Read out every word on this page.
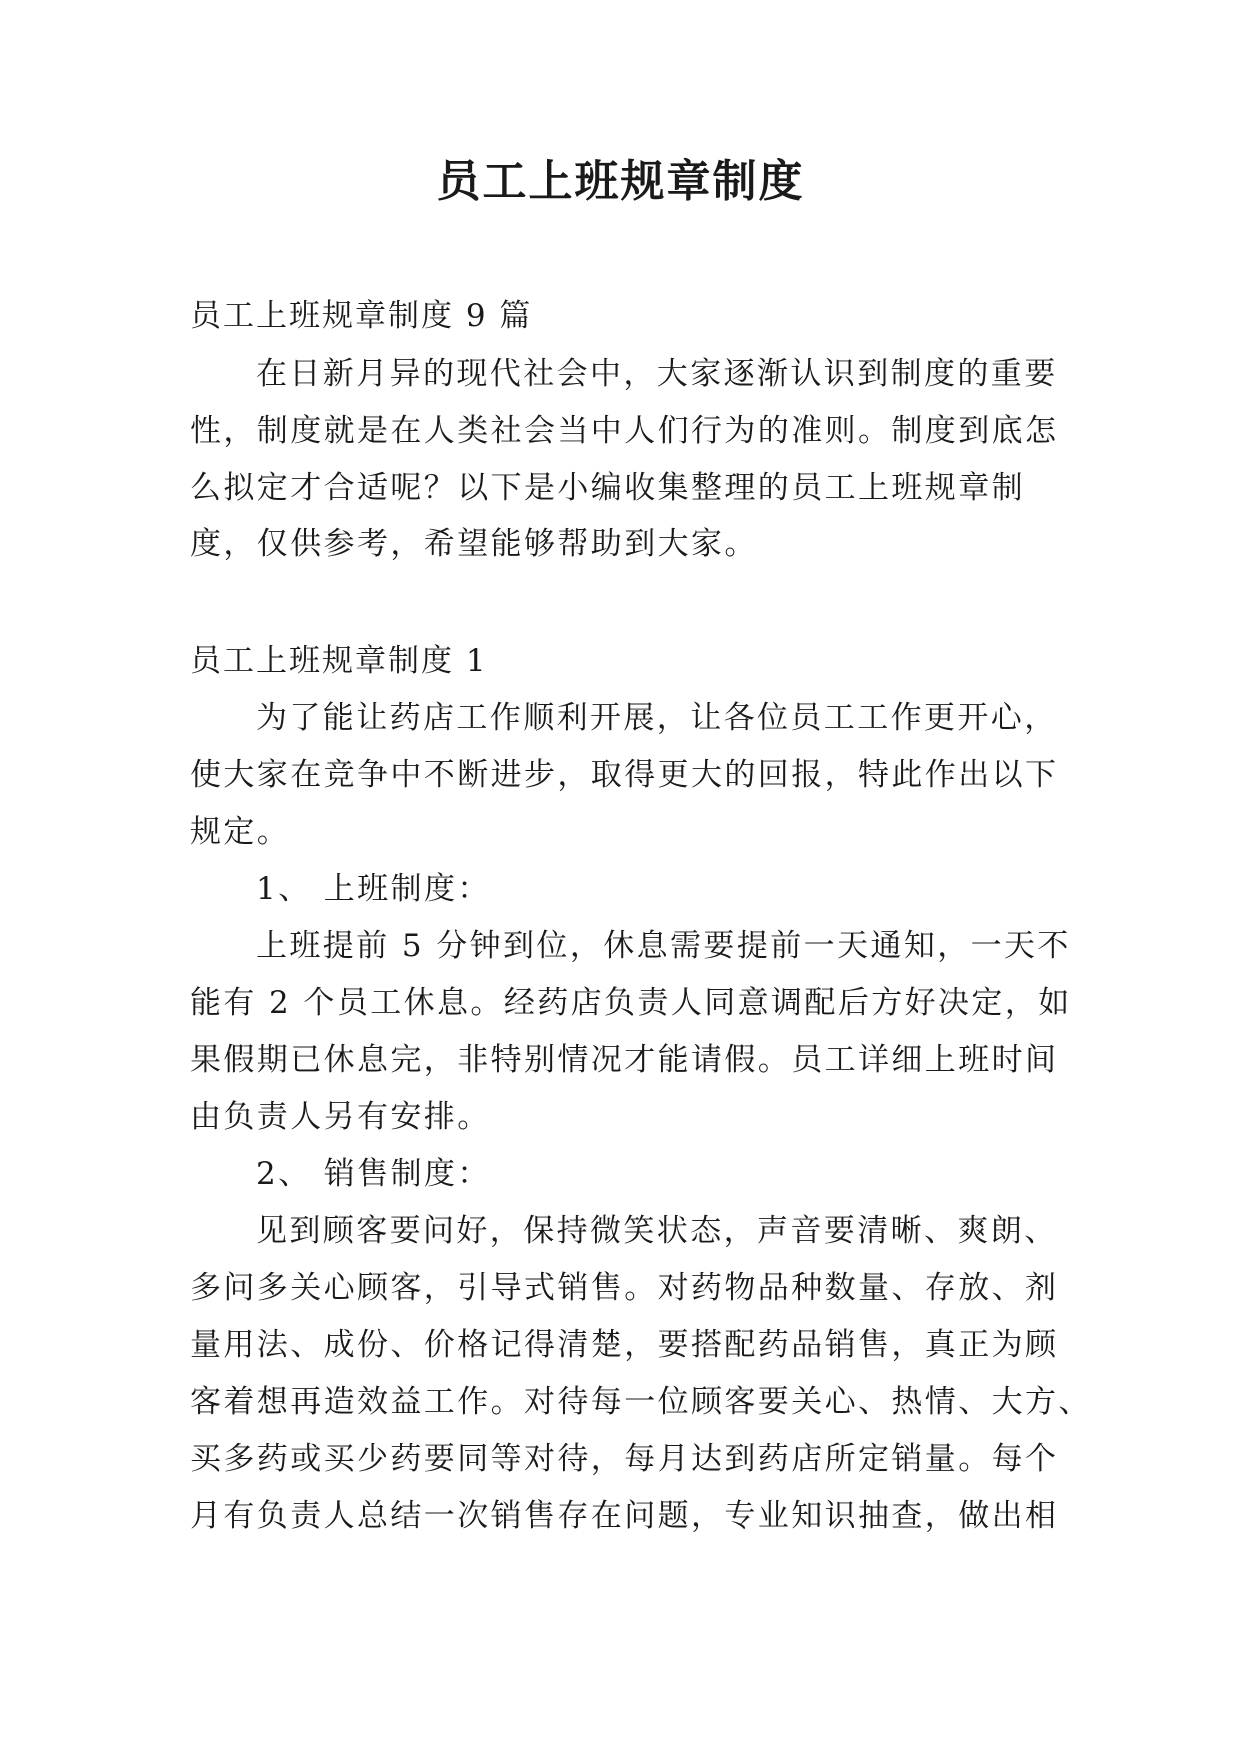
员工上班规章制度
员工上班规章制度 9 篇
在日新月异的现代社会中，大家逐渐认识到制度的重要
性，制度就是在人类社会当中人们行为的准则。制度到底怎
么拟定才合适呢？以下是小编收集整理的员工上班规章制
度，仅供参考，希望能够帮助到大家。
员工上班规章制度 1
为了能让药店工作顺利开展，让各位员工工作更开心，
使大家在竞争中不断进步，取得更大的回报，特此作出以下
规定。
1、 上班制度：
上班提前 5 分钟到位，休息需要提前一天通知，一天不
能有 2 个员工休息。经药店负责人同意调配后方好决定，如
果假期已休息完，非特别情况才能请假。员工详细上班时间
由负责人另有安排。
2、 销售制度：
见到顾客要问好，保持微笑状态，声音要清晰、爽朗、
多问多关心顾客，引导式销售。对药物品种数量、存放、剂
量用法、成份、价格记得清楚，要搭配药品销售，真正为顾
客着想再造效益工作。对待每一位顾客要关心、热情、大方、
买多药或买少药要同等对待，每月达到药店所定销量。每个
月有负责人总结一次销售存在问题，专业知识抽查，做出相
